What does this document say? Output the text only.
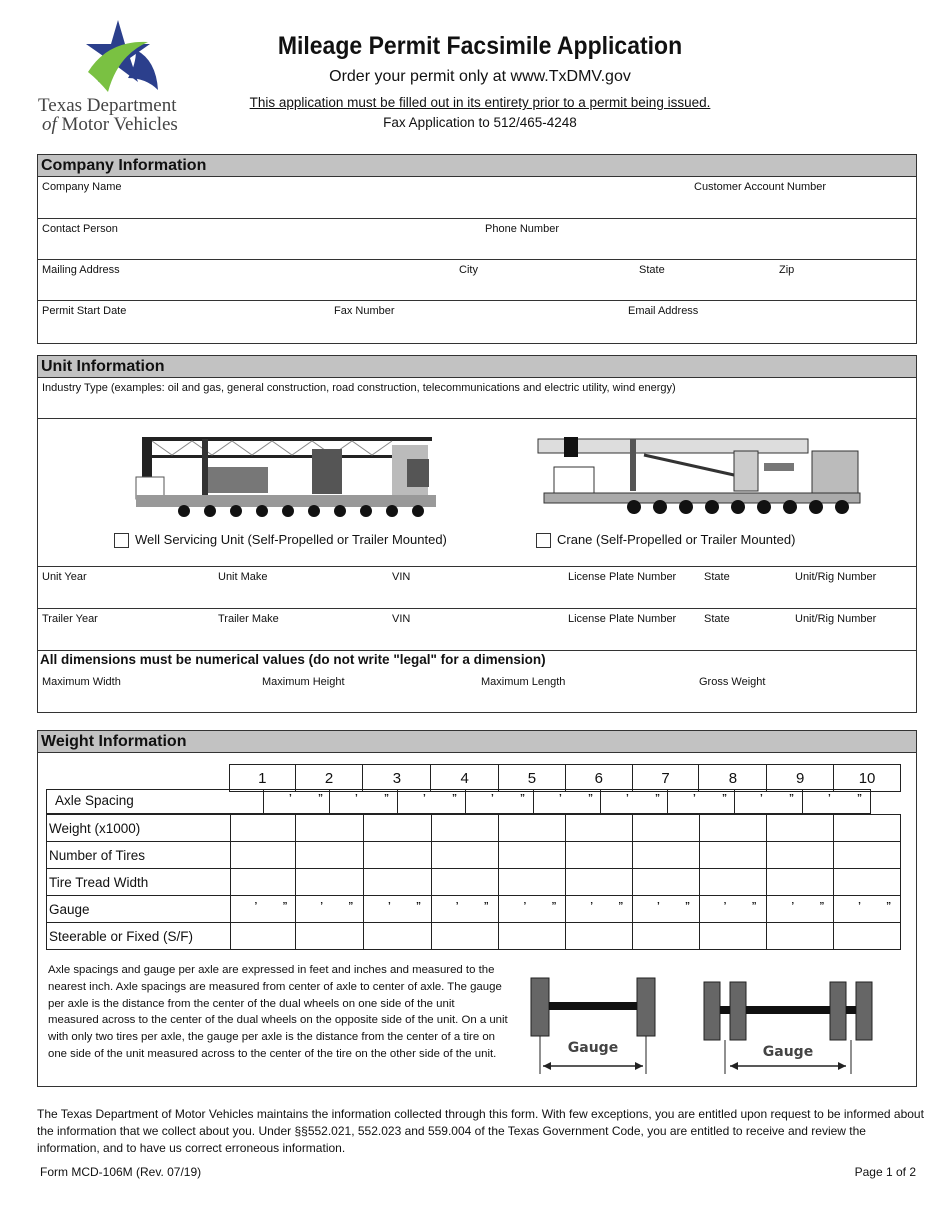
Texas Department
of Motor Vehicles
Mileage Permit Facsimile Application
Order your permit only at www.TxDMV.gov
This application must be filled out in its entirety prior to a permit being issued.
Fax Application to 512/465-4248
Company Information
Company Name	Customer Account Number
Contact Person	Phone Number
Mailing Address	City	State	Zip
Permit Start Date	Fax Number	Email Address
Unit Information
Industry Type (examples: oil and gas, general construction, road construction, telecommunications and electric utility, wind energy)
Well Servicing Unit (Self-Propelled or Trailer Mounted)	Crane (Self-Propelled or Trailer Mounted)
Unit Year	Unit Make	VIN	License Plate Number	State	Unit/Rig Number
Trailer Year	Trailer Make	VIN	License Plate Number	State	Unit/Rig Number
All dimensions must be numerical values (do not write "legal" for a dimension)
Maximum Width	Maximum Height	Maximum Length	Gross Weight
Weight Information
	1	2	3	4	5	6	7	8	9	10
Axle Spacing	’	”	’	”	’	”	’	”	’	”	’	”	’	”	’	”	’	”
Weight (x1000)										
Number of Tires										
Tire Tread Width										
Gauge	’ ”	’ ”	’ ”	’ ”	’ ”	’ ”	’ ”	’ ”	’ ”	’ ”

Steerable or Fixed (S/F)										
Axle spacings and gauge per axle are expressed in feet and inches and measured to the nearest inch. Axle spacings are measured from center of axle to center of axle. The gauge per axle is the distance from the center of the dual wheels on one side of the unit measured across to the center of the dual wheels on the opposite side of the unit. On a unit with only two tires per axle, the gauge per axle is the distance from the center of a tire on one side of the unit measured across to the center of the tire on the other side of the unit.	Gauge	Gauge
The Texas Department of Motor Vehicles maintains the information collected through this form. With few exceptions, you are entitled upon request to be informed about the information that we collect about you. Under §§552.021, 552.023 and 559.004 of the Texas Government Code, you are entitled to receive and review the information, and to have us correct erroneous information.
Form MCD-106M (Rev. 07/19)	Page 1 of 2
